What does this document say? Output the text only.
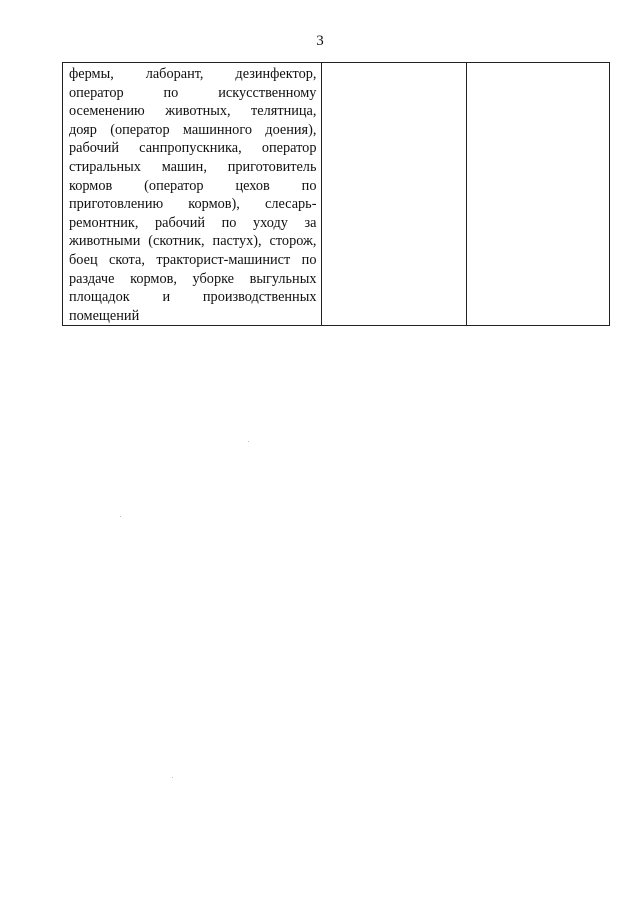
3
фермы, лаборант, дезинфектор,
оператор по искусственному
осеменению животных, телятница,
дояр (оператор машинного доения),
рабочий санпропускника, оператор
стиральных машин, приготовитель
кормов (оператор цехов по
приготовлению кормов), слесарь-
ремонтник, рабочий по уходу за
животными (скотник, пастух), сторож,
боец скота, тракторист-машинист по
раздаче кормов, уборке выгульных
площадок и производственных
помещений
